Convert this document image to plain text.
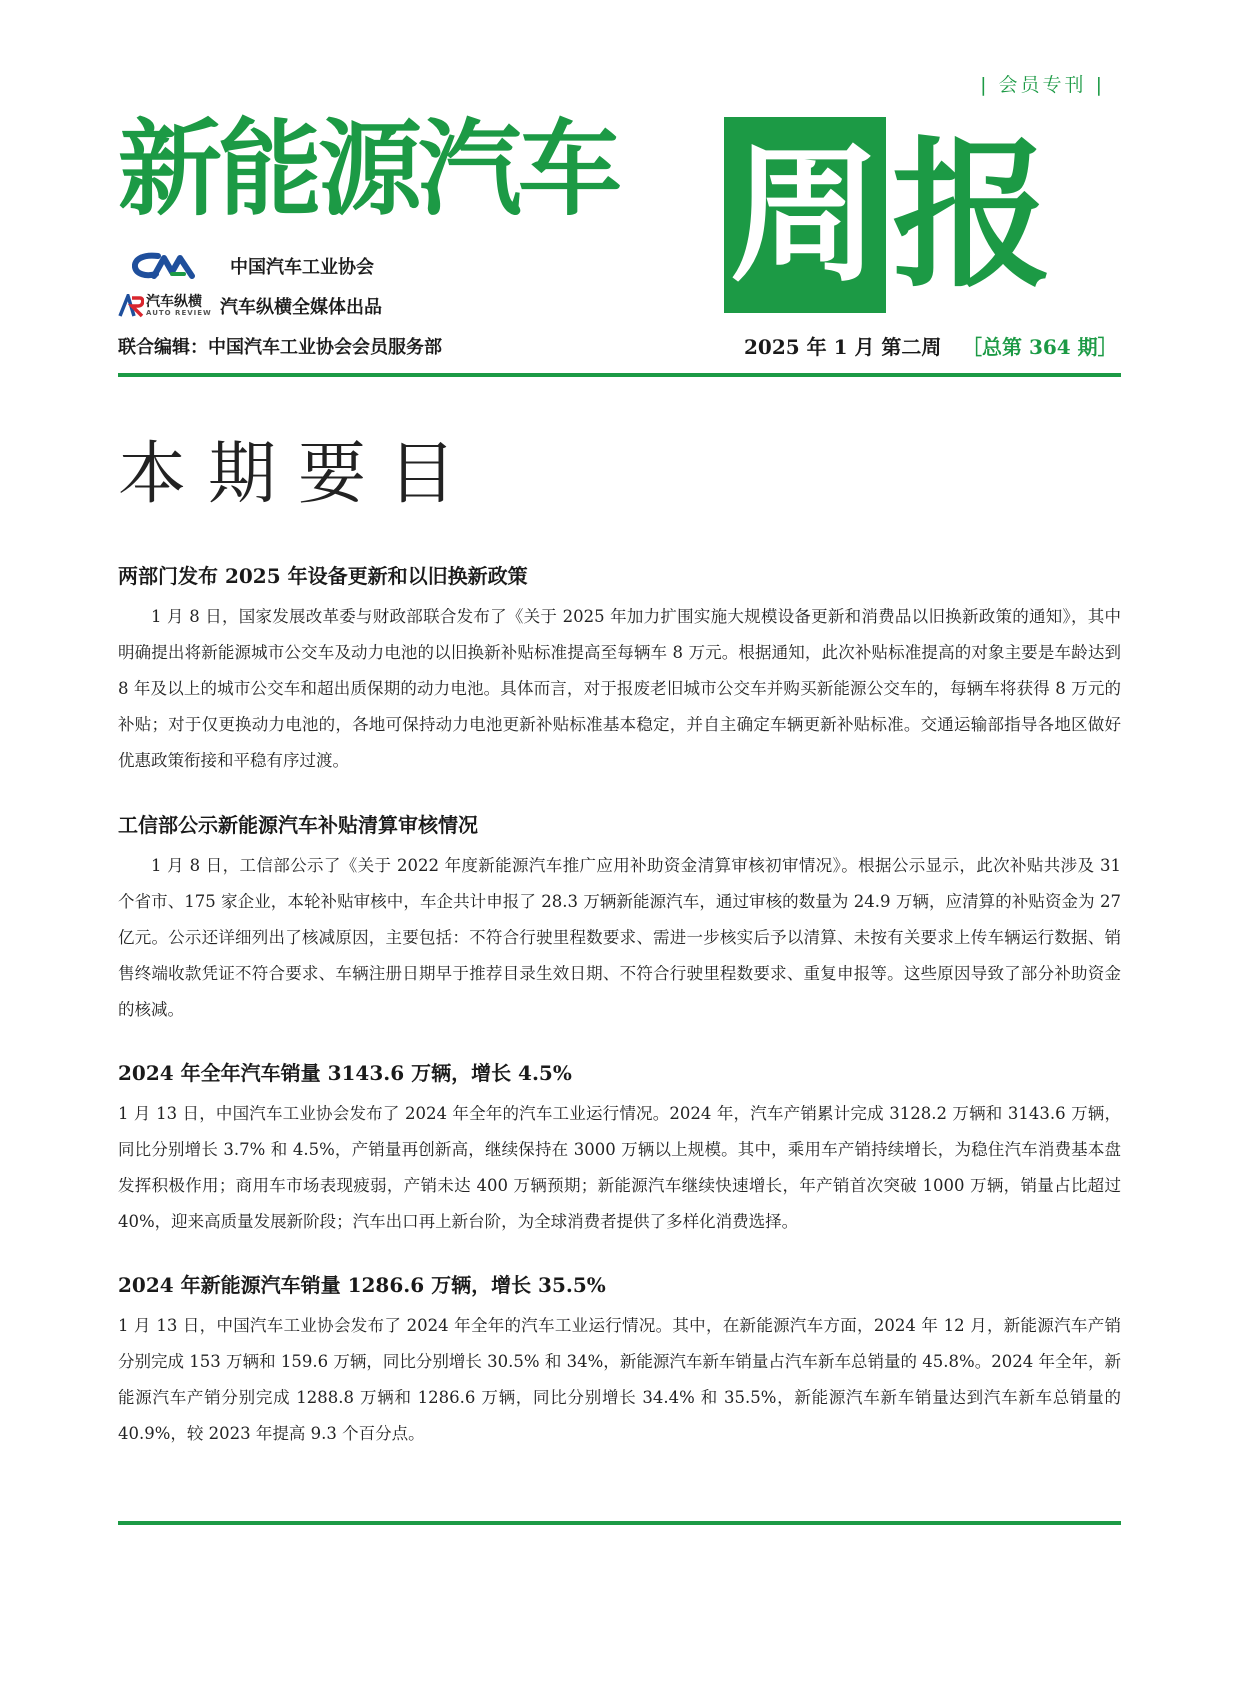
| 会员专刊 |
新能源汽车 周 报
中国汽车工业协会
汽车纵横
AUTO REVIEW 汽车纵横全媒体出品
联合编辑：中国汽车工业协会会员服务部	2025 年 1 月 第二周 ［总第 364 期］
本期要目
两部门发布 2025 年设备更新和以旧换新政策

1 月 8 日，国家发展改革委与财政部联合发布了《关于 2025 年加力扩围实施大规模设备更新和消费品以旧换新政策的通知》，其中明确提出将新能源城市公交车及动力电池的以旧换新补贴标准提高至每辆车 8 万元。根据通知，此次补贴标准提高的对象主要是车龄达到 8 年及以上的城市公交车和超出质保期的动力电池。具体而言，对于报废老旧城市公交车并购买新能源公交车的，每辆车将获得 8 万元的补贴；对于仅更换动力电池的，各地可保持动力电池更新补贴标准基本稳定，并自主确定车辆更新补贴标准。交通运输部指导各地区做好优惠政策衔接和平稳有序过渡。

工信部公示新能源汽车补贴清算审核情况

1 月 8 日，工信部公示了《关于 2022 年度新能源汽车推广应用补助资金清算审核初审情况》。根据公示显示，此次补贴共涉及 31 个省市、175 家企业，本轮补贴审核中，车企共计申报了 28.3 万辆新能源汽车，通过审核的数量为 24.9 万辆，应清算的补贴资金为 27 亿元。公示还详细列出了核减原因，主要包括：不符合行驶里程数要求、需进一步核实后予以清算、未按有关要求上传车辆运行数据、销售终端收款凭证不符合要求、车辆注册日期早于推荐目录生效日期、不符合行驶里程数要求、重复申报等。这些原因导致了部分补助资金的核减。

2024 年全年汽车销量 3143.6 万辆，增长 4.5%

1 月 13 日，中国汽车工业协会发布了 2024 年全年的汽车工业运行情况。2024 年，汽车产销累计完成 3128.2 万辆和 3143.6 万辆，同比分别增长 3.7% 和 4.5%，产销量再创新高，继续保持在 3000 万辆以上规模。其中，乘用车产销持续增长，为稳住汽车消费基本盘发挥积极作用；商用车市场表现疲弱，产销未达 400 万辆预期；新能源汽车继续快速增长，年产销首次突破 1000 万辆，销量占比超过 40%，迎来高质量发展新阶段；汽车出口再上新台阶，为全球消费者提供了多样化消费选择。

2024 年新能源汽车销量 1286.6 万辆，增长 35.5%

1 月 13 日，中国汽车工业协会发布了 2024 年全年的汽车工业运行情况。其中，在新能源汽车方面，2024 年 12 月，新能源汽车产销分别完成 153 万辆和 159.6 万辆，同比分别增长 30.5% 和 34%，新能源汽车新车销量占汽车新车总销量的 45.8%。2024 年全年，新能源汽车产销分别完成 1288.8 万辆和 1286.6 万辆，同比分别增长 34.4% 和 35.5%，新能源汽车新车销量达到汽车新车总销量的 40.9%，较 2023 年提高 9.3 个百分点。
